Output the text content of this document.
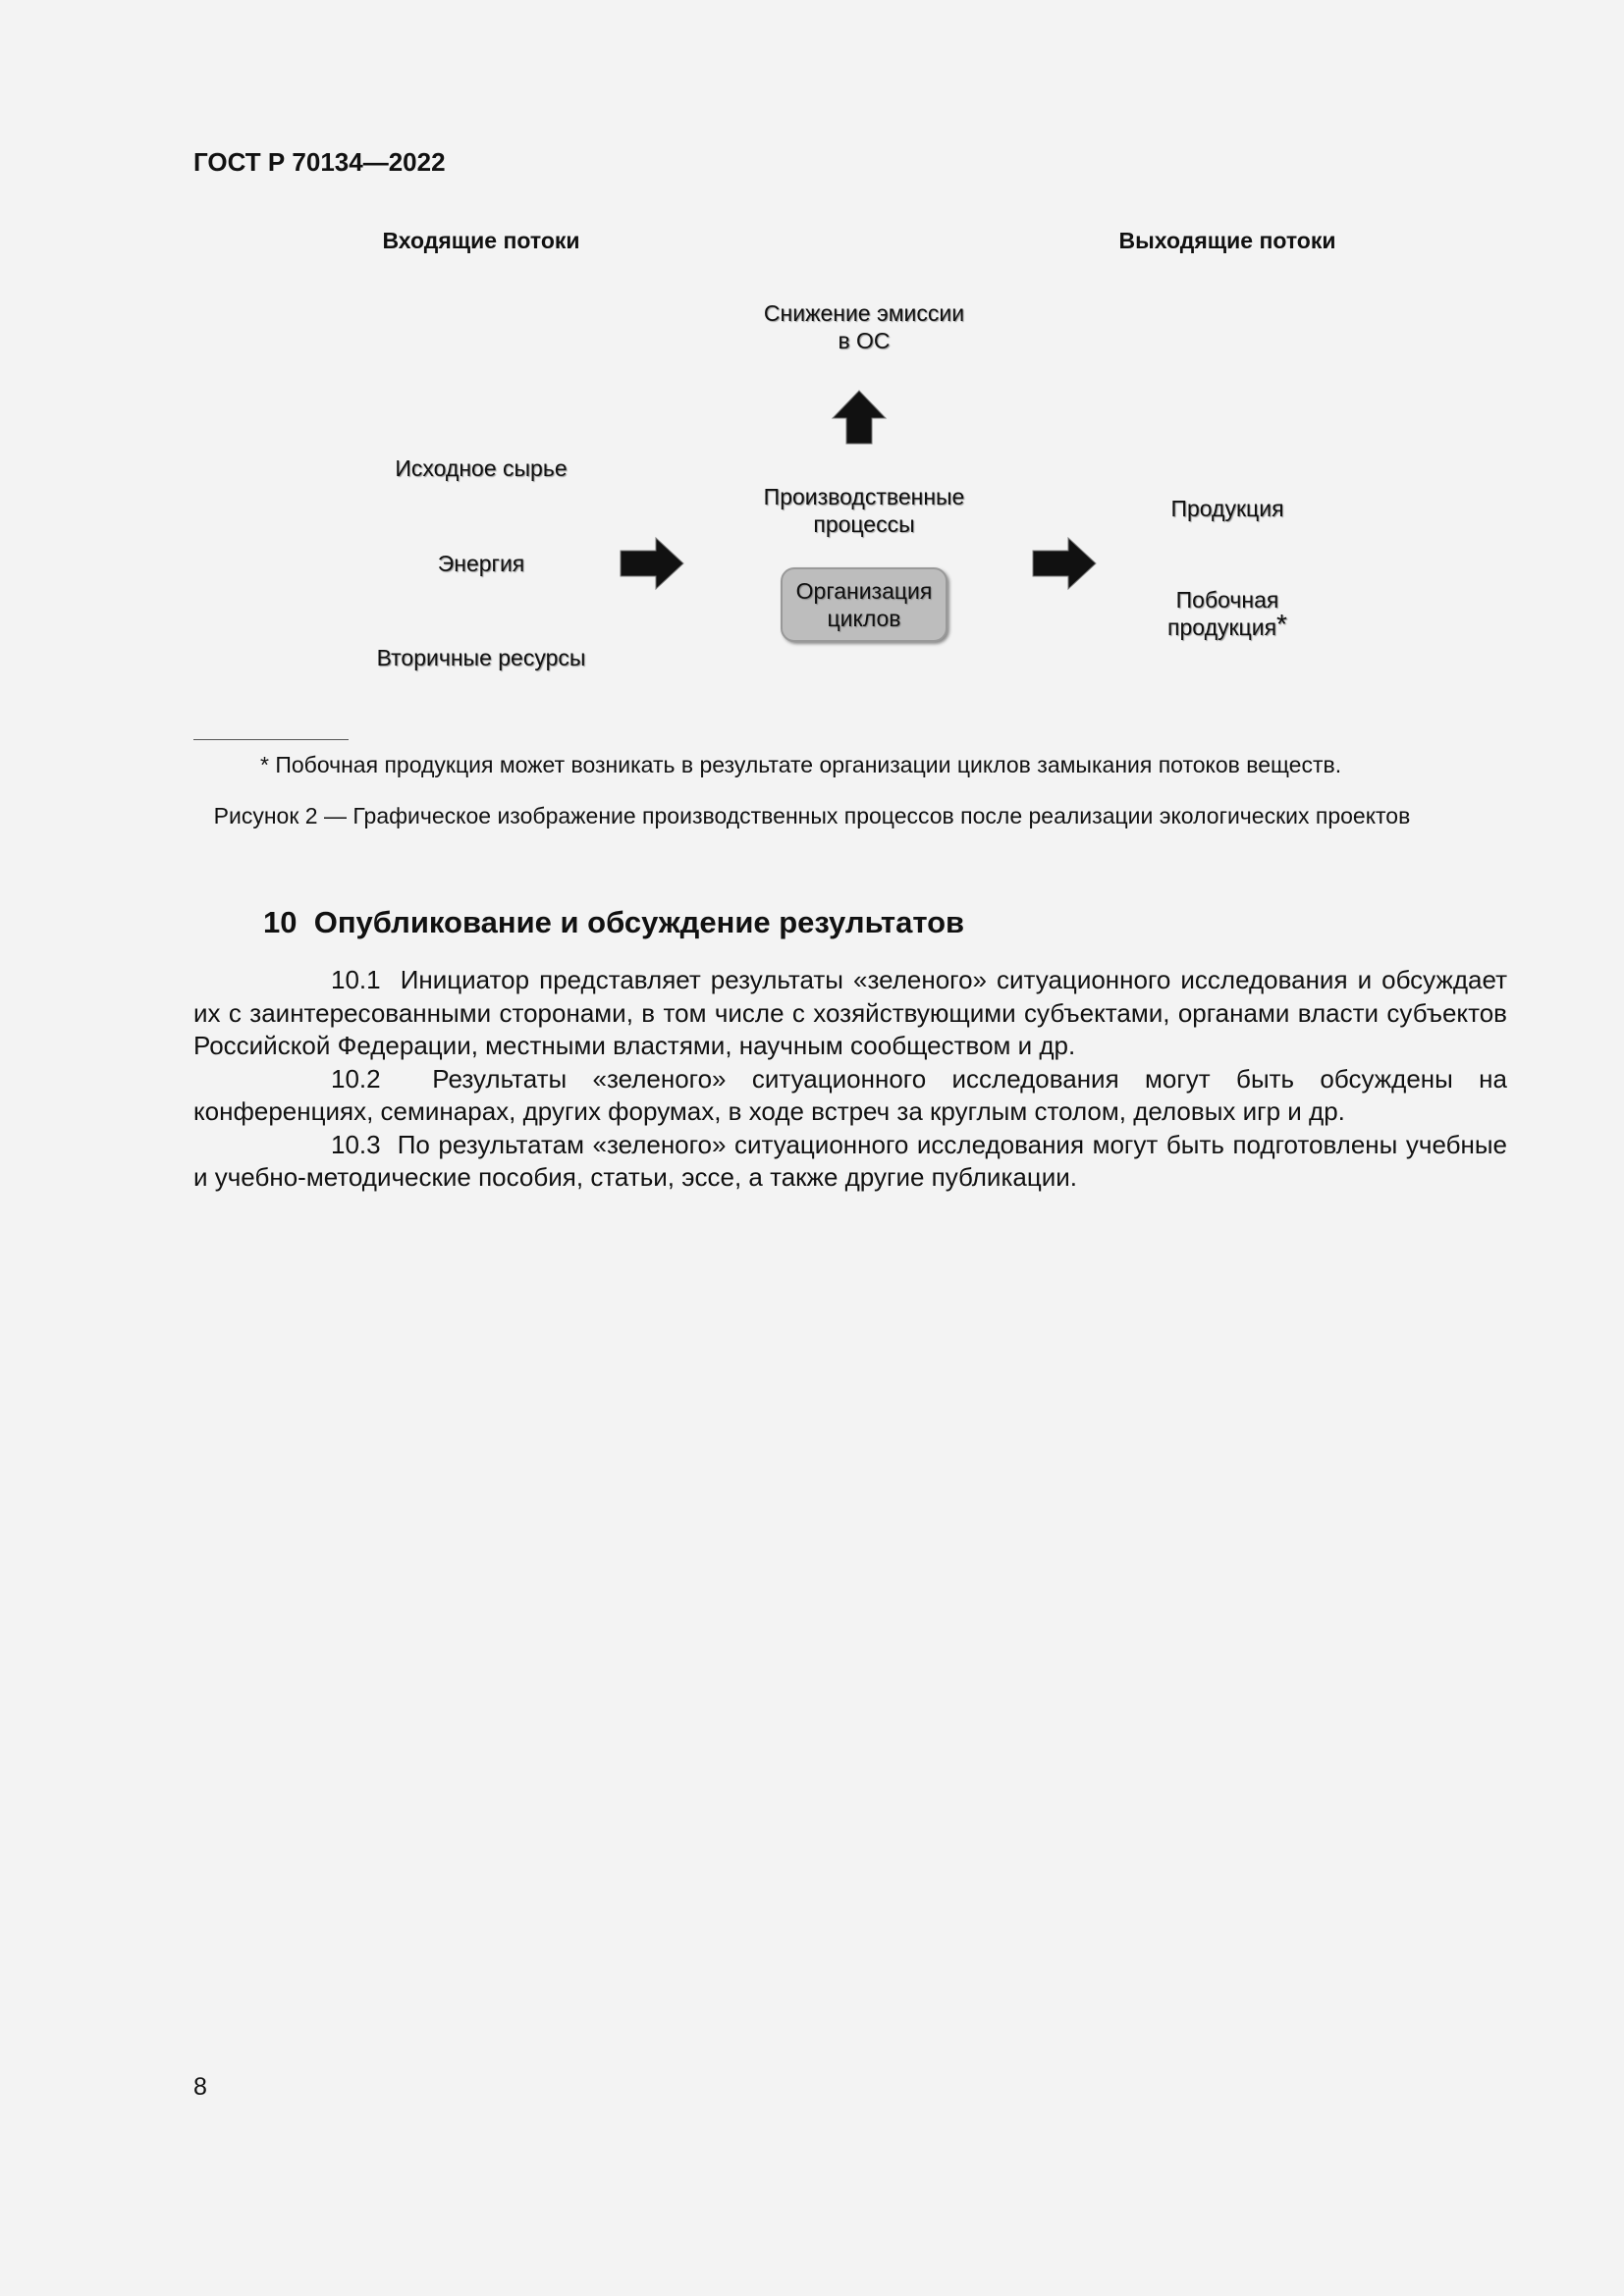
ГОСТ Р 70134—2022
Входящие потоки	Выходящие потоки
Исходное сырье
Энергия
Вторичные ресурсы
Снижение эмиссии
в ОС
Производственные
процессы
Организация
циклов
Продукция
Побочная
продукция*
* Побочная продукция может возникать в результате организации циклов замыкания потоков веществ.
Рисунок 2 — Графическое изображение производственных процессов после реализации экологических проектов
10 Опубликование и обсуждение результатов

10.1 Инициатор представляет результаты «зеленого» ситуационного исследования и обсуждает их с заинтересованными сторонами, в том числе с хозяйствующими субъектами, органами власти субъектов Российской Федерации, местными властями, научным сообществом и др.

10.2 Результаты «зеленого» ситуационного исследования могут быть обсуждены на конференциях, семинарах, других форумах, в ходе встреч за круглым столом, деловых игр и др.

10.3 По результатам «зеленого» ситуационного исследования могут быть подготовлены учебные и учебно-методические пособия, статьи, эссе, а также другие публикации.

8
